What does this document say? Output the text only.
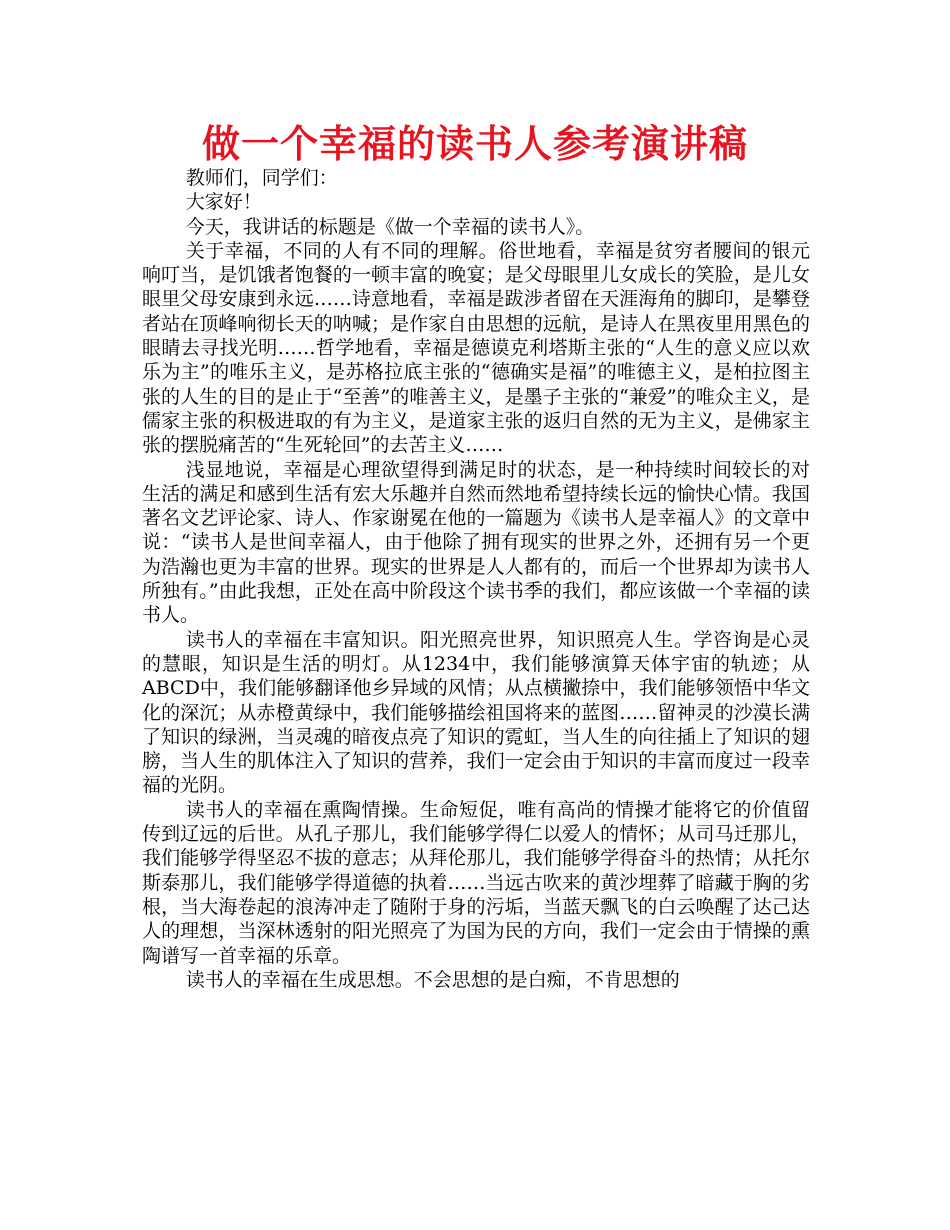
做一个幸福的读书人参考演讲稿

教师们，同学们：

大家好！

今天，我讲话的标题是《做一个幸福的读书人》。

关于幸福，不同的人有不同的理解。俗世地看，幸福是贫穷者腰间的银元响叮当，是饥饿者饱餐的一顿丰富的晚宴；是父母眼里儿女成长的笑脸，是儿女眼里父母安康到永远……诗意地看，幸福是跋涉者留在天涯海角的脚印，是攀登者站在顶峰响彻长天的呐喊；是作家自由思想的远航，是诗人在黑夜里用黑色的眼睛去寻找光明……哲学地看，幸福是德谟克利塔斯主张的“人生的意义应以欢乐为主”的唯乐主义，是苏格拉底主张的“德确实是福”的唯德主义，是柏拉图主张的人生的目的是止于“至善”的唯善主义，是墨子主张的“兼爱”的唯众主义，是儒家主张的积极进取的有为主义，是道家主张的返归自然的无为主义，是佛家主张的摆脱痛苦的“生死轮回”的去苦主义……

浅显地说，幸福是心理欲望得到满足时的状态，是一种持续时间较长的对生活的满足和感到生活有宏大乐趣并自然而然地希望持续长远的愉快心情。我国著名文艺评论家、诗人、作家谢冕在他的一篇题为《读书人是幸福人》的文章中说：“读书人是世间幸福人，由于他除了拥有现实的世界之外，还拥有另一个更为浩瀚也更为丰富的世界。现实的世界是人人都有的，而后一个世界却为读书人所独有。”由此我想，正处在高中阶段这个读书季的我们，都应该做一个幸福的读书人。

读书人的幸福在丰富知识。阳光照亮世界，知识照亮人生。学咨询是心灵的慧眼，知识是生活的明灯。从1234中，我们能够演算天体宇宙的轨迹；从ABCD中，我们能够翻译他乡异域的风情；从点横撇捺中，我们能够领悟中华文化的深沉；从赤橙黄绿中，我们能够描绘祖国将来的蓝图……留神灵的沙漠长满了知识的绿洲，当灵魂的暗夜点亮了知识的霓虹，当人生的向往插上了知识的翅膀，当人生的肌体注入了知识的营养，我们一定会由于知识的丰富而度过一段幸福的光阴。

读书人的幸福在熏陶情操。生命短促，唯有高尚的情操才能将它的价值留传到辽远的后世。从孔子那儿，我们能够学得仁以爱人的情怀；从司马迁那儿，我们能够学得坚忍不拔的意志；从拜伦那儿，我们能够学得奋斗的热情；从托尔斯泰那儿，我们能够学得道德的执着……当远古吹来的黄沙埋葬了暗藏于胸的劣根，当大海卷起的浪涛冲走了随附于身的污垢，当蓝天飘飞的白云唤醒了达己达人的理想，当深林透射的阳光照亮了为国为民的方向，我们一定会由于情操的熏陶谱写一首幸福的乐章。

读书人的幸福在生成思想。不会思想的是白痴，不肯思想的
